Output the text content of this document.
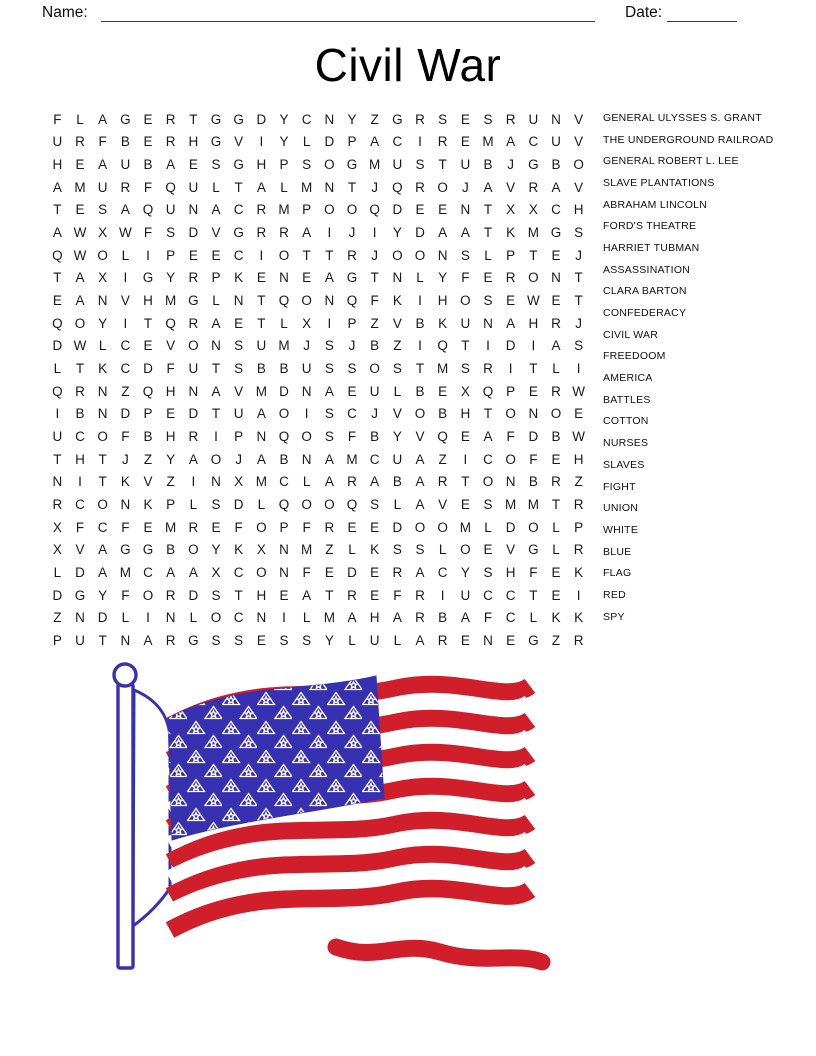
Name:	Date:
Civil War
F	L	A G E R	T G G D Y C N Y	Z G R S	E	S R U N V
U R	F	B	E R H G V	I	Y	L	D P	A C	I	R E M A C U V
H E	A U B	A	E	S G H P	S O G M U S	T	U B	J	G B O
A M U R	F Q U	L	T	A	L M N	T	J	Q R O	J	A	V R A	V
T	E	S	A Q U N A C R M P O O Q D E	E N	T	X	X C H
A W X W F	S D V G R R A	I	J	I	Y D A	A	T	K M G S
Q W O	L	I	P	E	E C	I	O T	T	R	J	O O N S	L	P	T	E	J
T	A	X	I	G Y R P	K	E N E	A G T	N	L	Y	F	E R O N	T
E	A N V H M G	L	N	T Q O N Q F	K	I	H O S	E W E	T
Q O Y	I	T Q R A	E	T	L	X	I	P	Z	V	B	K U N A H R	J
D W L	C E	V O N S U M	J	S	J	B	Z	I	Q T	I	D	I	A	S
L	T	K C D	F	U	T	S	B	B U S	S O S	T M S R	I	T	L	I
Q R N	Z Q H N A	V M D N A	E U	L	B	E	X Q P	E R W
I	B N D P	E D	T	U A O	I	S C	J	V O B H	T O N O E
U C O F	B H R	I	P N Q O S	F	B	Y	V Q E	A	F	D B W
T	H	T	J	Z	Y	A O	J	A	B N A M C U A	Z	I	C O F	E H
N	I	T	K	V	Z	I	N X M C	L	A R A	B	A R	T O N B R	Z
R C O N K	P	L	S D	L	Q O O Q S	L	A	V	E	S M M T	R
X	F	C	F	E M R E	F O P	F	R E	E D O O M L	D O	L	P
X	V	A G G B O Y	K	X N M Z	L	K	S	S	L	O E	V G	L	R
L	D A M C A	A	X C O N	F	E D E R A C Y	S H	F	E	K
D G Y	F O R D S	T	H E	A	T	R E	F	R	I	U C C	T	E	I
Z	N D	L	I	N	L	O C N	I	L M A H A R B	A	F	C	L	K	K
P U	T	N A R G S	S	E	S	S	Y	L	U	L	A R E N E G Z	R
GENERAL ULYSSES S. GRANT
THE UNDERGROUND RAILROAD
GENERAL ROBERT L. LEE
SLAVE PLANTATIONS
ABRAHAM LINCOLN
FORD'S THEATRE
HARRIET TUBMAN
ASSASSINATION
CLARA BARTON
CONFEDERACY
CIVIL WAR
FREEDOOM
AMERICA
BATTLES
COTTON
NURSES
SLAVES
FIGHT
UNION
WHITE
BLUE
FLAG
RED
SPY
